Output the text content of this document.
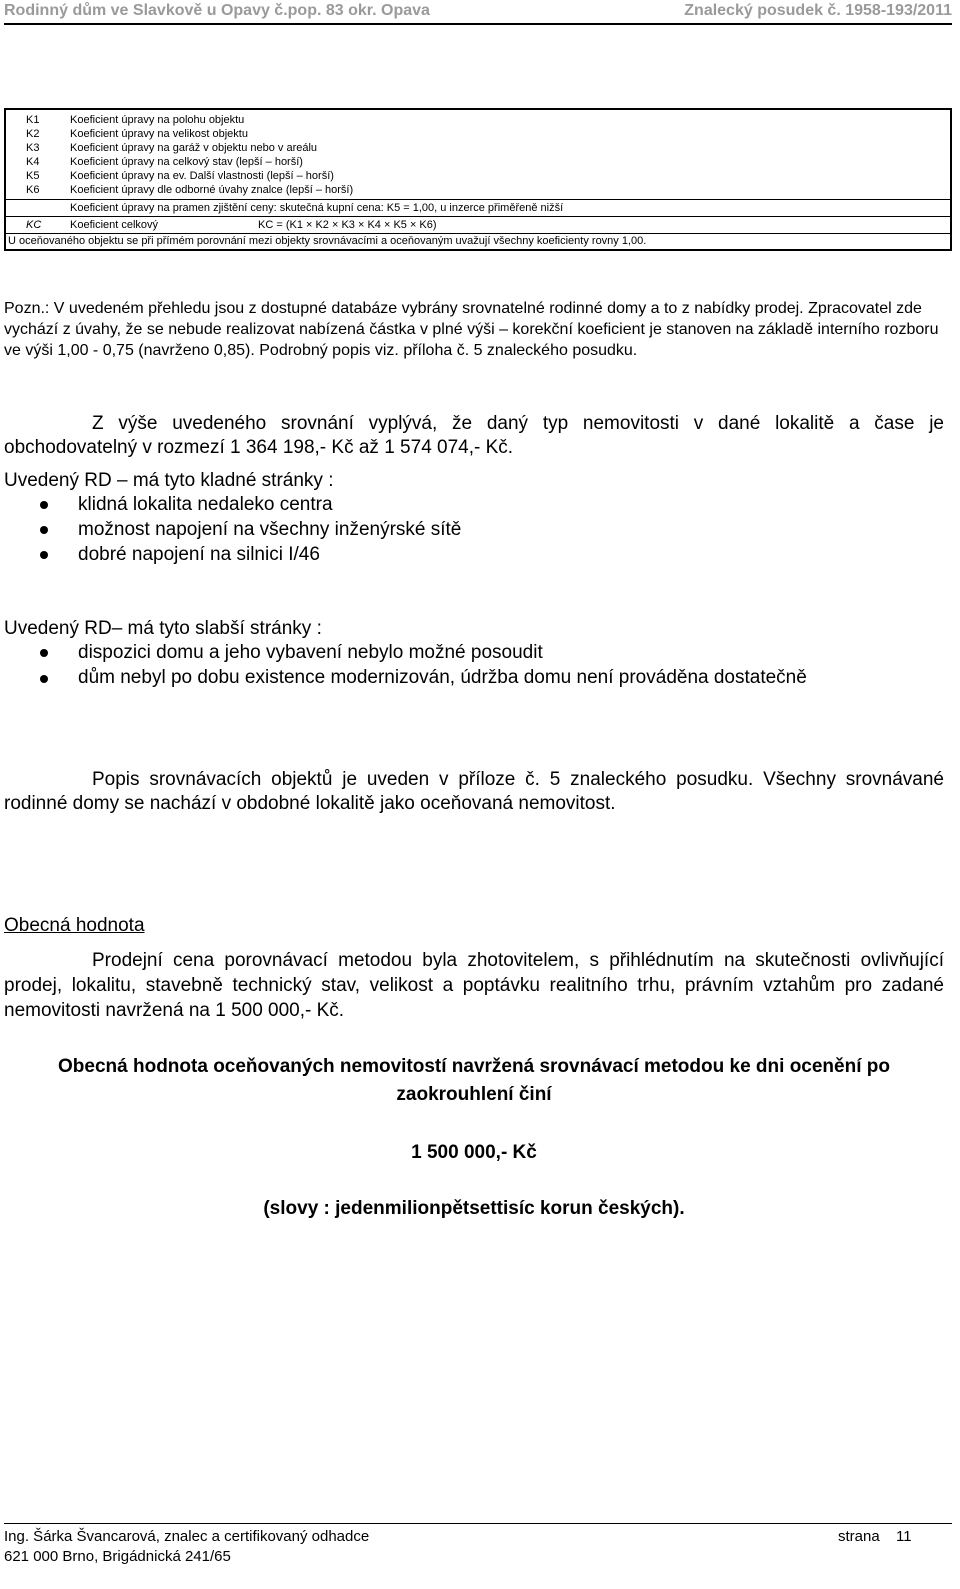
Rodinný dům ve Slavkově u Opavy č.pop. 83 okr. Opava	Znalecký posudek č. 1958-193/2011
K1	Koeficient úpravy na polohu objektu
K2	Koeficient úpravy na velikost objektu
K3	Koeficient úpravy na garáž v objektu nebo v areálu
K4	Koeficient úpravy na celkový stav (lepší – horší)
K5	Koeficient úpravy na ev. Další vlastnosti (lepší – horší)
K6	Koeficient úpravy dle odborné úvahy znalce (lepší – horší)
Koeficient úpravy na pramen zjištění ceny: skutečná kupní cena: K5 = 1,00, u inzerce přiměřeně nižší
KC	Koeficient celkový	KC = (K1 × K2 × K3 × K4 × K5 × K6)
U oceňovaného objektu se při přímém porovnání mezi objekty srovnávacími a oceňovaným uvažují všechny koeficienty rovny 1,00.
Pozn.: V uvedeném přehledu jsou z dostupné databáze vybrány srovnatelné rodinné domy a to z nabídky prodej. Zpracovatel zde vychází z úvahy, že se nebude realizovat nabízená částka v plné výši – korekční koeficient je stanoven na základě interního rozboru ve výši 1,00 - 0,75 (navrženo 0,85). Podrobný popis viz. příloha č. 5 znaleckého posudku.
Z výše uvedeného srovnání vyplývá, že daný typ nemovitosti v dané lokalitě a čase je obchodovatelný v rozmezí 1 364 198,- Kč až 1 574 074,- Kč.
Uvedený RD – má tyto kladné stránky :
klidná lokalita nedaleko centra
možnost napojení na všechny inženýrské sítě
dobré napojení na silnici I/46
Uvedený RD– má tyto slabší stránky :
dispozici domu a jeho vybavení nebylo možné posoudit
dům nebyl po dobu existence modernizován, údržba domu není prováděna dostatečně
Popis srovnávacích objektů je uveden v příloze č. 5 znaleckého posudku. Všechny srovnávané rodinné domy se nachází v obdobné lokalitě jako oceňovaná nemovitost.
Obecná hodnota
Prodejní cena porovnávací metodou byla zhotovitelem, s přihlédnutím na skutečnosti ovlivňující prodej, lokalitu, stavebně technický stav, velikost a poptávku realitního trhu, právním vztahům pro zadané nemovitosti navržená na 1 500 000,- Kč.
Obecná hodnota oceňovaných nemovitostí navržená srovnávací metodou ke dni ocenění po
zaokrouhlení činí
1 500 000,- Kč
(slovy : jedenmilionpětsettisíc korun českých).
Ing. Šárka Švancarová, znalec a certifikovaný odhadce
621 000 Brno, Brigádnická 241/65
strana 11
